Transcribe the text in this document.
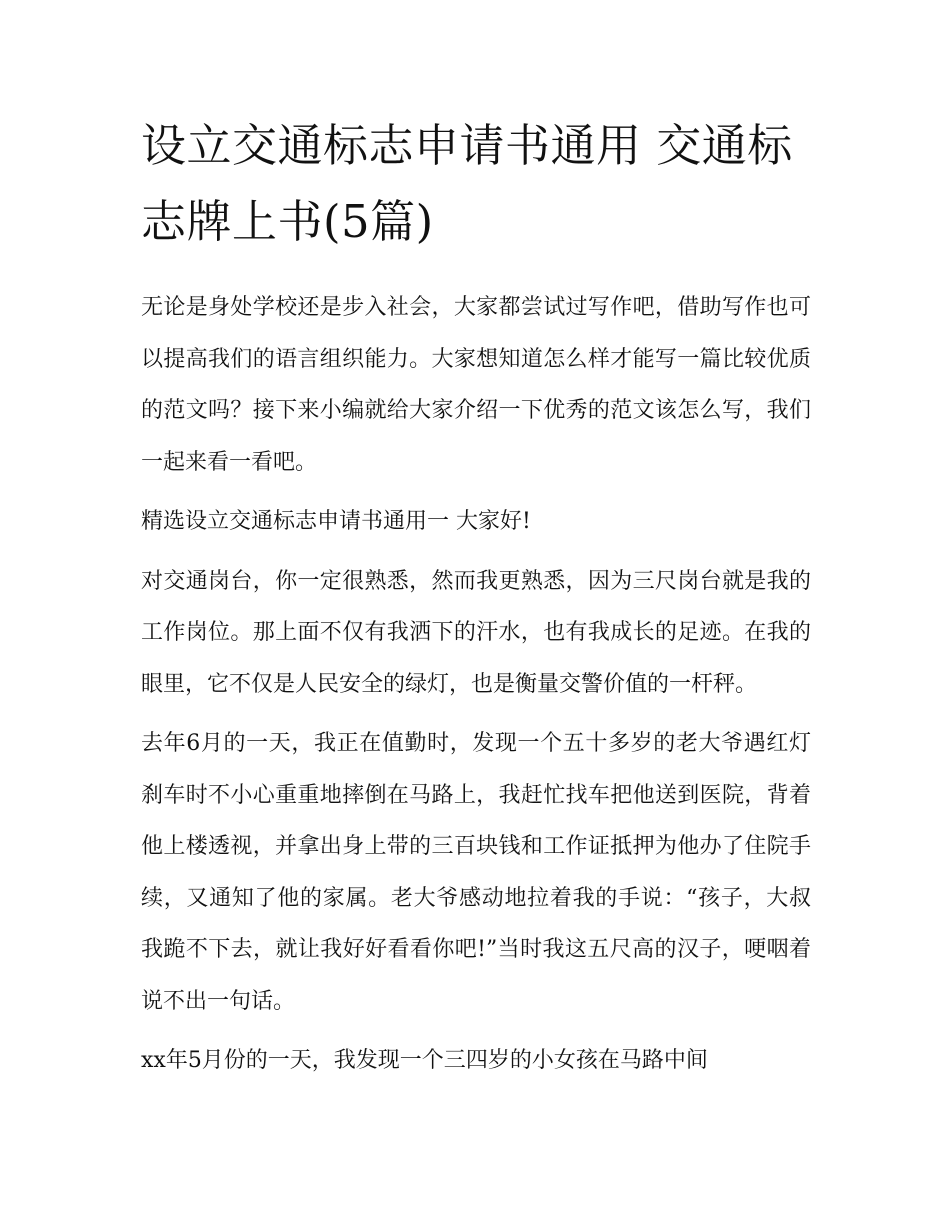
设立交通标志申请书通用 交通标志牌上书(5篇)

无论是身处学校还是步入社会，大家都尝试过写作吧，借助写作也可以提高我们的语言组织能力。大家想知道怎么样才能写一篇比较优质的范文吗？接下来小编就给大家介绍一下优秀的范文该怎么写，我们一起来看一看吧。

精选设立交通标志申请书通用一 大家好!

对交通岗台，你一定很熟悉，然而我更熟悉，因为三尺岗台就是我的工作岗位。那上面不仅有我洒下的汗水，也有我成长的足迹。在我的眼里，它不仅是人民安全的绿灯，也是衡量交警价值的一杆秤。

去年6月的一天，我正在值勤时，发现一个五十多岁的老大爷遇红灯刹车时不小心重重地摔倒在马路上，我赶忙找车把他送到医院，背着他上楼透视，并拿出身上带的三百块钱和工作证抵押为他办了住院手续，又通知了他的家属。老大爷感动地拉着我的手说：“孩子，大叔我跪不下去，就让我好好看看你吧!”当时我这五尺高的汉子，哽咽着说不出一句话。

xx年5月份的一天，我发现一个三四岁的小女孩在马路中间
